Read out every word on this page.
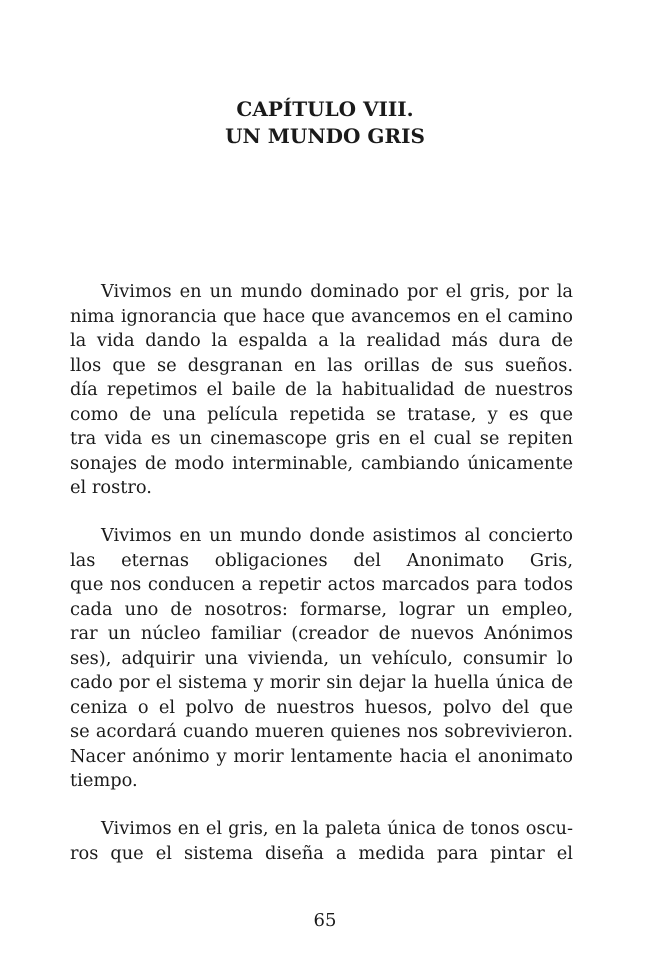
CAPÍTULO VIII.
UN MUNDO GRIS
Vivimos en un mundo dominado por el gris, por la
nima ignorancia que hace que avancemos en el camino
la vida dando la espalda a la realidad más dura de
llos que se desgranan en las orillas de sus sueños.
día repetimos el baile de la habitualidad de nuestros
como de una película repetida se tratase, y es que
tra vida es un cinemascope gris en el cual se repiten
sonajes de modo interminable, cambiando únicamente
el rostro.
Vivimos en un mundo donde asistimos al concierto
las eternas obligaciones del Anonimato Gris,
que nos conducen a repetir actos marcados para todos
cada uno de nosotros: formarse, lograr un empleo,
rar un núcleo familiar (creador de nuevos Anónimos
ses), adquirir una vivienda, un vehículo, consumir lo
cado por el sistema y morir sin dejar la huella única de
ceniza o el polvo de nuestros huesos, polvo del que
se acordará cuando mueren quienes nos sobrevivieron.
Nacer anónimo y morir lentamente hacia el anonimato
tiempo.
Vivimos en el gris, en la paleta única de tonos oscu-
ros que el sistema diseña a medida para pintar el
65
